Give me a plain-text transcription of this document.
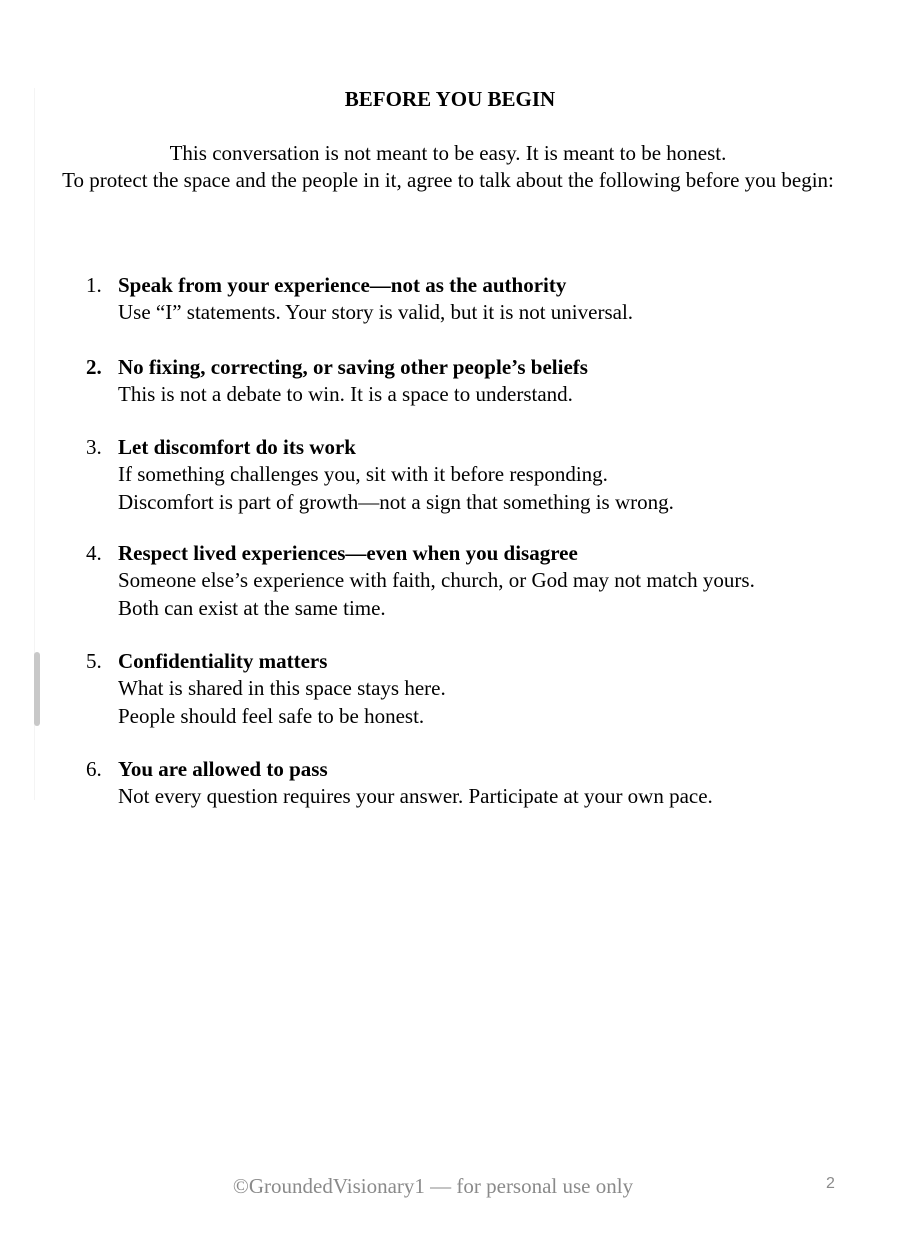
BEFORE YOU BEGIN

This conversation is not meant to be easy. It is meant to be honest.

To protect the space and the people in it, agree to talk about the following before you begin:

1. Speak from your experience—not as the authority
Use “I” statements. Your story is valid, but it is not universal.
2. No fixing, correcting, or saving other people’s beliefs
This is not a debate to win. It is a space to understand.
3. Let discomfort do its work
If something challenges you, sit with it before responding.
Discomfort is part of growth—not a sign that something is wrong.
4. Respect lived experiences—even when you disagree
Someone else’s experience with faith, church, or God may not match yours.
Both can exist at the same time.
5. Confidentiality matters
What is shared in this space stays here.
People should feel safe to be honest.
6. You are allowed to pass
Not every question requires your answer. Participate at your own pace.
©GroundedVisionary1 — for personal use only	2
